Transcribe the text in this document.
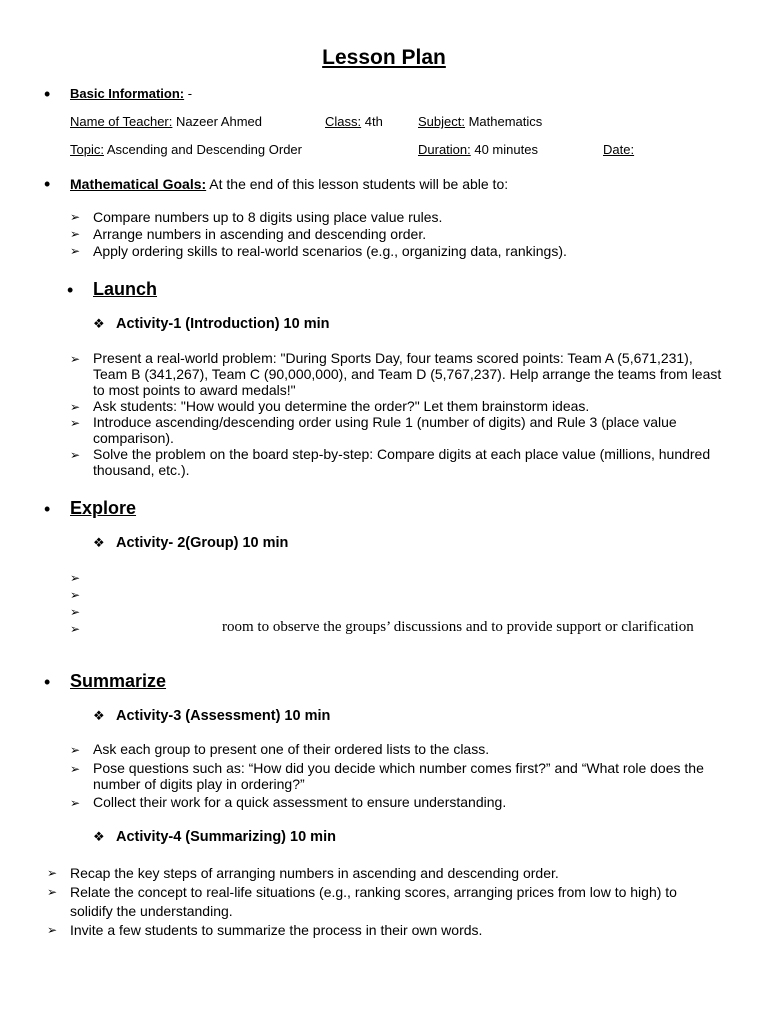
Lesson Plan
• Basic Information: -
Name of Teacher: Nazeer Ahmed	Class: 4th	Subject: Mathematics
Topic: Ascending and Descending Order	Duration: 40 minutes	Date:
• Mathematical Goals: At the end of this lesson students will be able to:
➢ Compare numbers up to 8 digits using place value rules.
➢ Arrange numbers in ascending and descending order.
➢ Apply ordering skills to real-world scenarios (e.g., organizing data, rankings).
• Launch
❖ Activity-1 (Introduction) 10 min
➢ Present a real-world problem: "During Sports Day, four teams scored points: Team A (5,671,231), Team B (341,267), Team C (90,000,000), and Team D (5,767,237). Help arrange the teams from least to most points to award medals!"
➢ Ask students: "How would you determine the order?" Let them brainstorm ideas.
➢ Introduce ascending/descending order using Rule 1 (number of digits) and Rule 3 (place value comparison).
➢ Solve the problem on the board step-by-step: Compare digits at each place value (millions, hundred thousand, etc.).
• Explore
❖ Activity- 2(Group) 10 min
➢
➢
➢
➢	room to observe the groups’ discussions and to provide support or clarification
• Summarize
❖ Activity-3 (Assessment) 10 min
➢ Ask each group to present one of their ordered lists to the class.
➢ Pose questions such as: “How did you decide which number comes first?” and “What role does the number of digits play in ordering?”
➢ Collect their work for a quick assessment to ensure understanding.
❖ Activity-4 (Summarizing) 10 min
➢ Recap the key steps of arranging numbers in ascending and descending order.
➢ Relate the concept to real-life situations (e.g., ranking scores, arranging prices from low to high) to solidify the understanding.
➢ Invite a few students to summarize the process in their own words.
